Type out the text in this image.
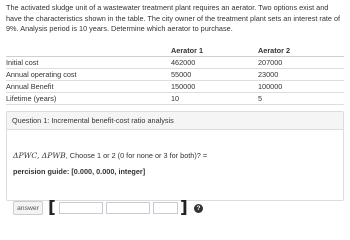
The activated sludge unit of a wastewater treatment plant requires an aerator. Two options exist and have the characteristics shown in the table. The city owner of the treatment plant sets an interest rate of 9%. Analysis period is 10 years. Determine which aerator to purchase.
	Aerator 1	Aerator 2
Initial cost	462000	207000
Annual operating cost	55000	23000
Annual Benefit	150000	100000
Lifetime (years)	10	5
Question 1: Incremental benefit-cost ratio analysis
ΔPWC, ΔPWB, Choose 1 or 2 (0 for none or 3 for both)? =
percision guide: [0.000, 0.000, integer]
answer [	]	?
